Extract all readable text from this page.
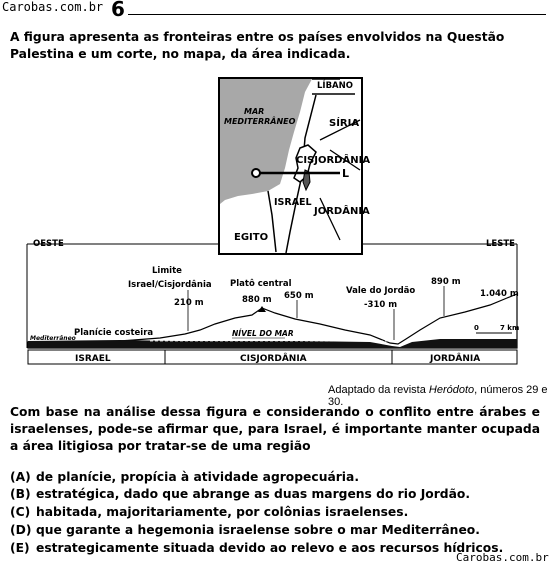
Carobas.com.br 6
A figura apresenta as fronteiras entre os países envolvidos na Questão Palestina e um corte, no mapa, da área indicada.
L
LÍBANO
MAR
MEDITERRÂNEO	SÍRIA
CISJORDÂNIA
ISRAEL
JORDÂNIA
EGITO
OESTE	LESTE
Limite
Israel/Cisjordânia
210 m
Platô central
880 m 650 m	Vale do Jordão
-310 m
890 m
1.040 m
Mediterrâneo
Planície costeira	NÍVEL DO MAR
0	7 km
ISRAEL	CISJORDÂNIA	JORDÂNIA
Adaptado da revista Heródoto, números 29 e 30.
Com base na análise dessa figura e considerando o conflito entre árabes e israelenses, pode-se afirmar que, para Israel, é importante manter ocupada a área litigiosa por tratar-se de uma região
(A) de planície, propícia à atividade agropecuária.
(B) estratégica, dado que abrange as duas margens do rio Jordão.
(C) habitada, majoritariamente, por colônias israelenses.
(D) que garante a hegemonia israelense sobre o mar Mediterrâneo.
(E) estrategicamente situada devido ao relevo e aos recursos hídricos.
Carobas.com.br
